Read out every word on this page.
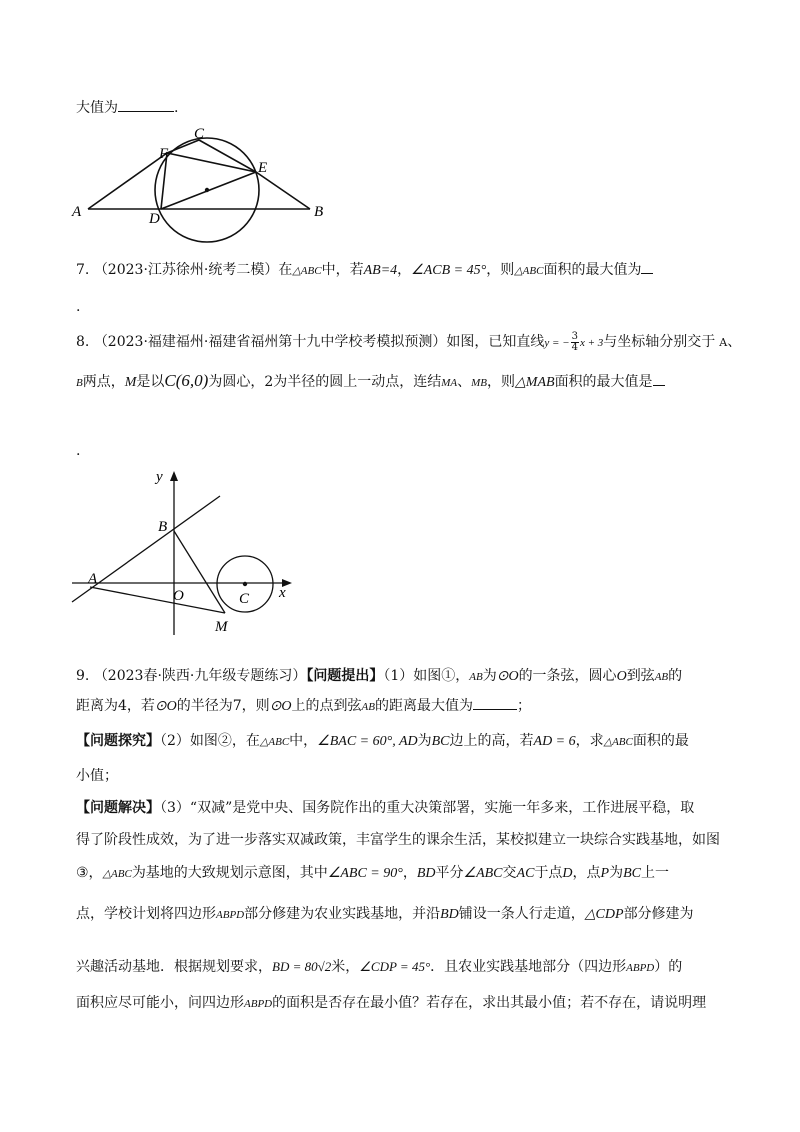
大值为	.
C
F
E
A	D	B
7. （2023·江苏徐州·统考二模）在△ABC中，若AB=4，∠ACB = 45°，则△ABC面积的最大值为
.
8. （2023·福建福州·福建省福州第十九中学校考模拟预测）如图，已知直线y = − $\frac{3}{4}$ x + 3与坐标轴分别交于 A、
B两点，M是以C(6,0)为圆心，2为半径的圆上一动点，连结MA、MB，则△MAB面积的最大值是
.
y
B
A
O	C x
M
9. （2023春·陕西·九年级专题练习）【问题提出】（1）如图①，AB为⊙O的一条弦，圆心O到弦AB的
距离为4，若⊙O的半径为7，则⊙O上的点到弦AB的距离最大值为	；
【问题探究】（2）如图②，在△ABC中，∠BAC = 60°, AD为BC边上的高，若AD = 6，求△ABC面积的最
小值；
【问题解决】（3）“双减”是党中央、国务院作出的重大决策部署，实施一年多来，工作进展平稳，取
得了阶段性成效，为了进一步落实双减政策，丰富学生的课余生活，某校拟建立一块综合实践基地，如图
③，△ABC为基地的大致规划示意图，其中∠ABC = 90°，BD平分∠ABC交AC于点D，点P为BC上一
点，学校计划将四边形ABPD部分修建为农业实践基地，并沿BD铺设一条人行走道，△CDP部分修建为
兴趣活动基地．根据规划要求，BD = 80√2米，∠CDP = 45°．且农业实践基地部分（四边形ABPD）的
面积应尽可能小，问四边形ABPD的面积是否存在最小值？若存在，求出其最小值；若不存在，请说明理
